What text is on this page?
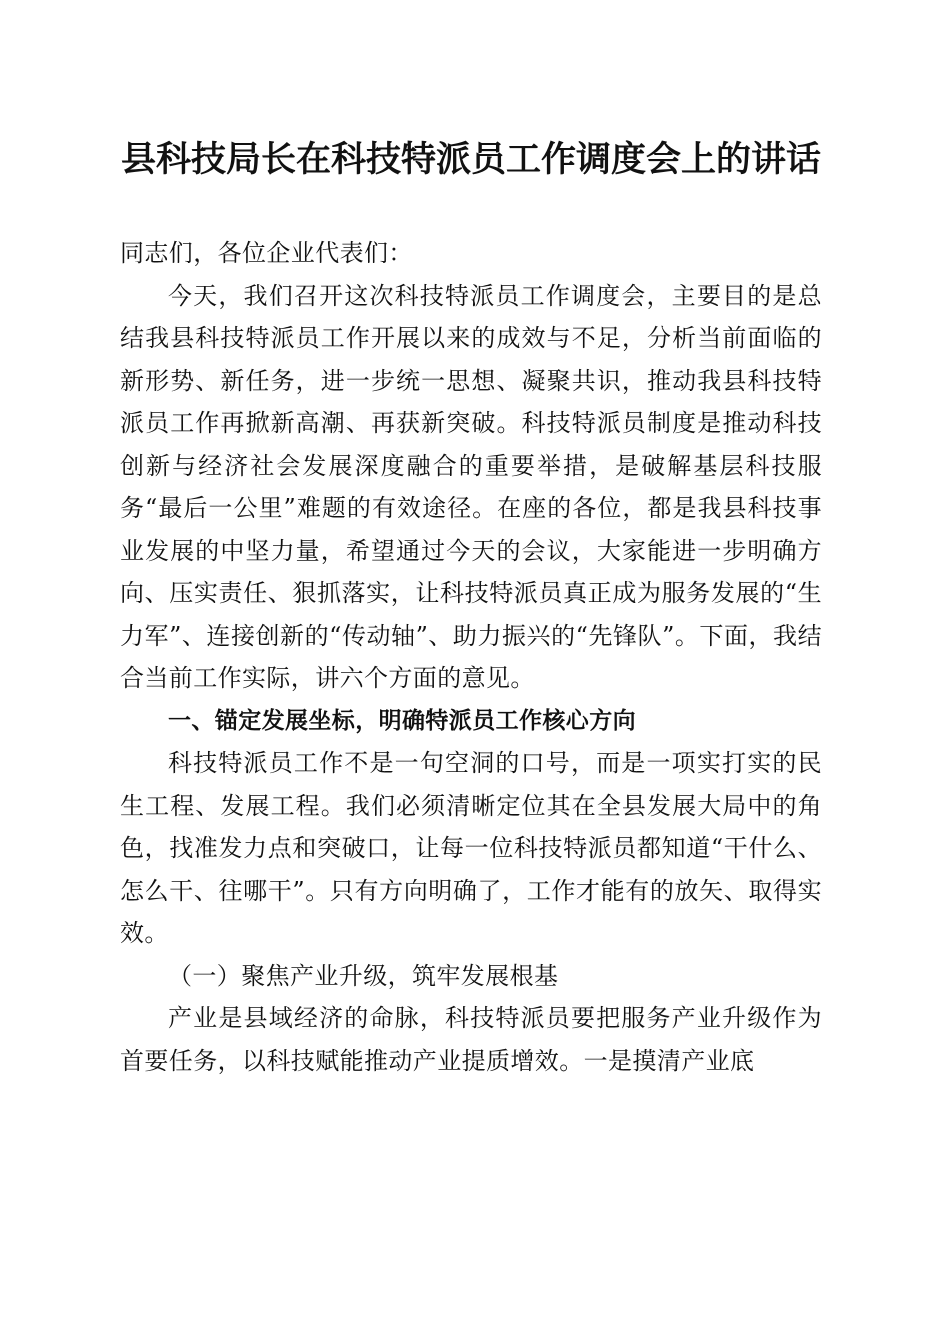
县科技局长在科技特派员工作调度会上的讲话

同志们，各位企业代表们：

今天，我们召开这次科技特派员工作调度会，主要目的是总结我县科技特派员工作开展以来的成效与不足，分析当前面临的新形势、新任务，进一步统一思想、凝聚共识，推动我县科技特派员工作再掀新高潮、再获新突破。科技特派员制度是推动科技创新与经济社会发展深度融合的重要举措，是破解基层科技服务“最后一公里”难题的有效途径。在座的各位，都是我县科技事业发展的中坚力量，希望通过今天的会议，大家能进一步明确方向、压实责任、狠抓落实，让科技特派员真正成为服务发展的“生力军”、连接创新的“传动轴”、助力振兴的“先锋队”。下面，我结合当前工作实际，讲六个方面的意见。

一、锚定发展坐标，明确特派员工作核心方向

科技特派员工作不是一句空洞的口号，而是一项实打实的民生工程、发展工程。我们必须清晰定位其在全县发展大局中的角色，找准发力点和突破口，让每一位科技特派员都知道“干什么、怎么干、往哪干”。只有方向明确了，工作才能有的放矢、取得实效。

（一）聚焦产业升级，筑牢发展根基

产业是县域经济的命脉，科技特派员要把服务产业升级作为首要任务，以科技赋能推动产业提质增效。一是摸清产业底
